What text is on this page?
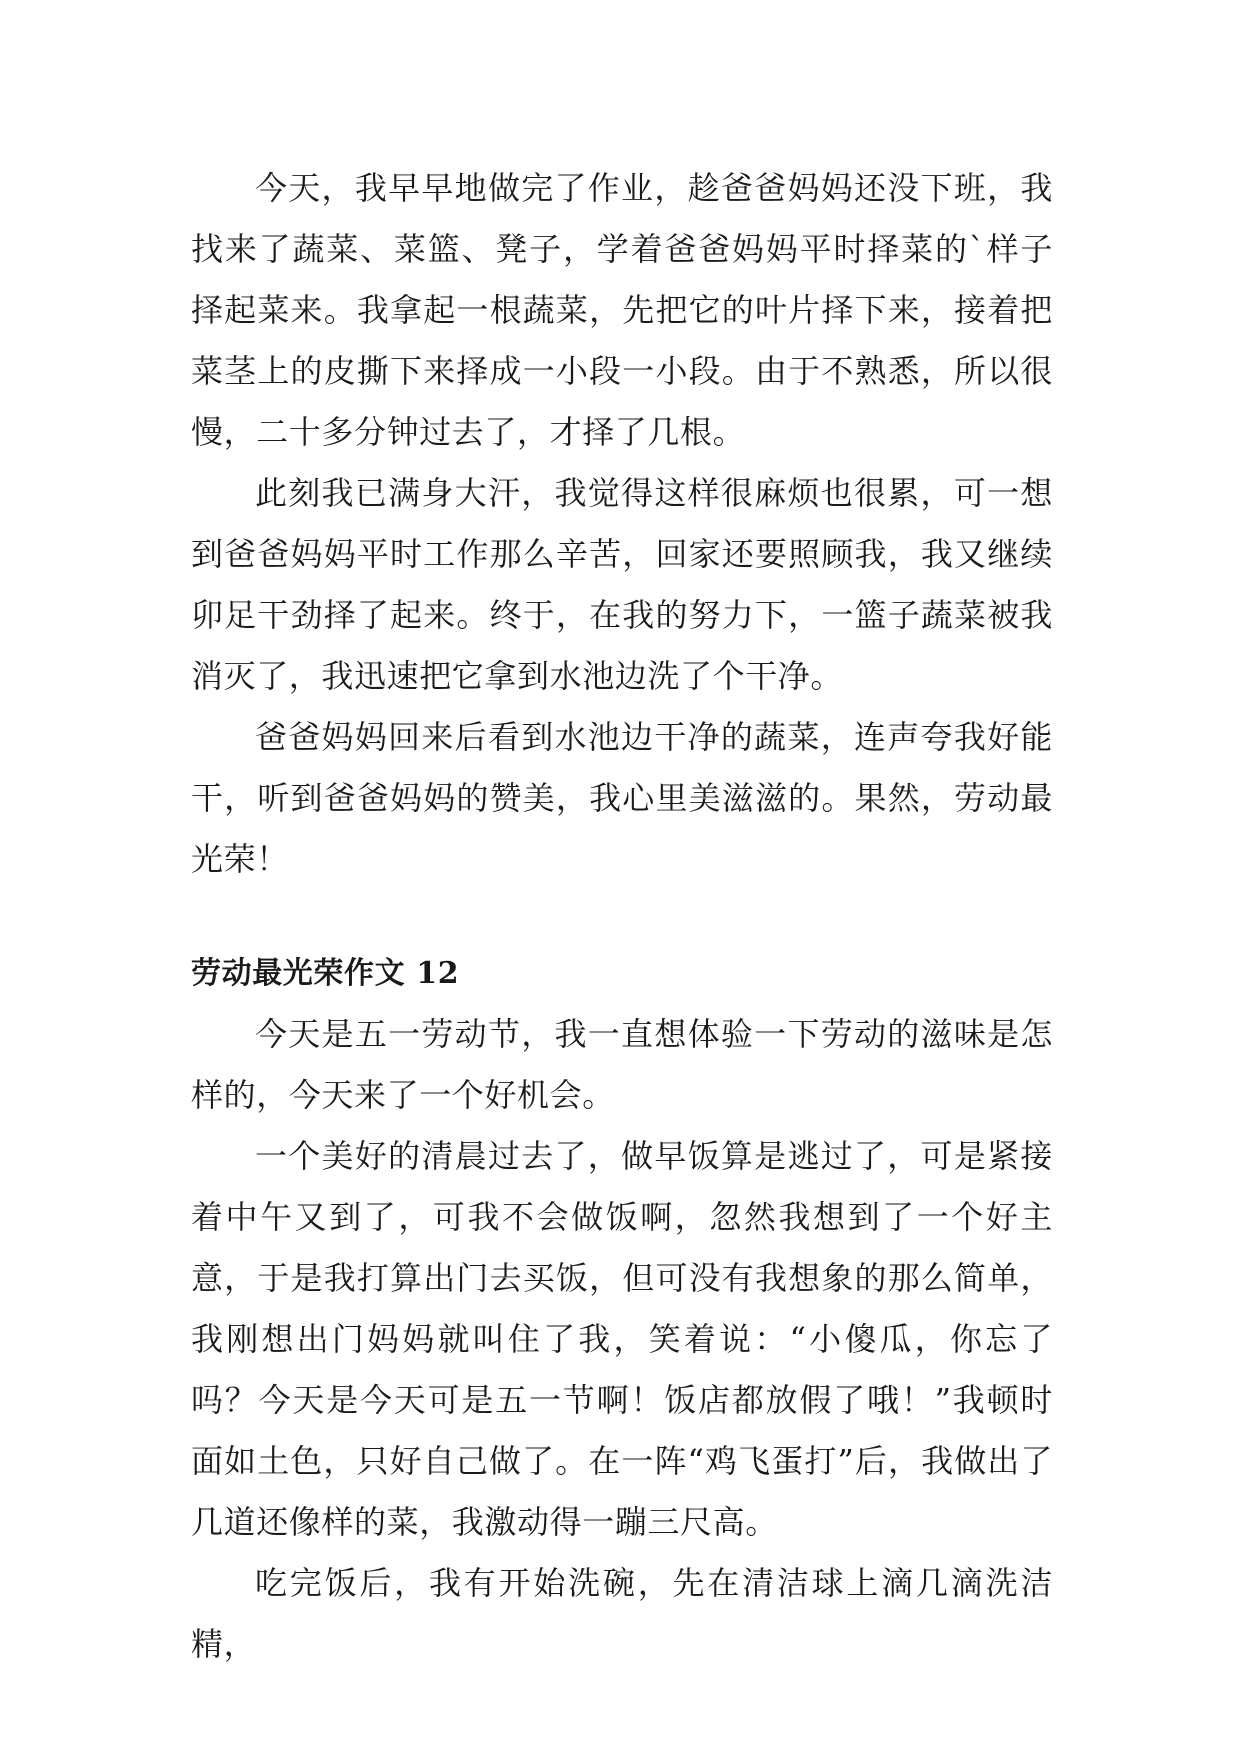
今天，我早早地做完了作业，趁爸爸妈妈还没下班，我找来了蔬菜、菜篮、凳子，学着爸爸妈妈平时择菜的`样子择起菜来。我拿起一根蔬菜，先把它的叶片择下来，接着把菜茎上的皮撕下来择成一小段一小段。由于不熟悉，所以很慢，二十多分钟过去了，才择了几根。

此刻我已满身大汗，我觉得这样很麻烦也很累，可一想到爸爸妈妈平时工作那么辛苦，回家还要照顾我，我又继续卯足干劲择了起来。终于，在我的努力下，一篮子蔬菜被我消灭了，我迅速把它拿到水池边洗了个干净。

爸爸妈妈回来后看到水池边干净的蔬菜，连声夸我好能干，听到爸爸妈妈的赞美，我心里美滋滋的。果然，劳动最光荣！

劳动最光荣作文 12

今天是五一劳动节，我一直想体验一下劳动的滋味是怎样的，今天来了一个好机会。

一个美好的清晨过去了，做早饭算是逃过了，可是紧接着中午又到了，可我不会做饭啊，忽然我想到了一个好主意，于是我打算出门去买饭，但可没有我想象的那么简单，我刚想出门妈妈就叫住了我，笑着说：“小傻瓜，你忘了吗？今天是今天可是五一节啊！饭店都放假了哦！”我顿时面如土色，只好自己做了。在一阵“鸡飞蛋打”后，我做出了几道还像样的菜，我激动得一蹦三尺高。

吃完饭后，我有开始洗碗，先在清洁球上滴几滴洗洁精，
